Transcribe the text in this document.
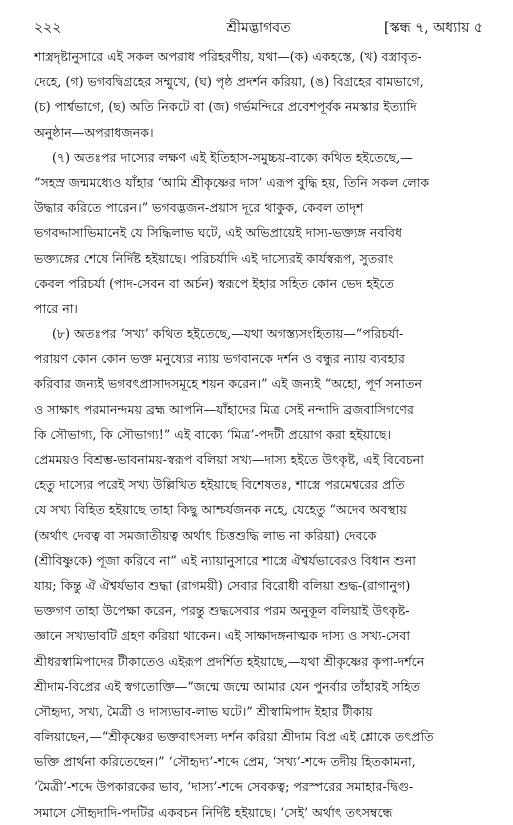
২২২	শ্রীমদ্ভাগবত	[স্কন্ধ ৭, অধ্যায় ৫
শাস্ত্রদৃষ্টানুসারে এই সকল অপরাধ পরিহরণীয়, যথা—(ক) একহস্তে, (খ) বস্ত্রাবৃত-
দেহে, (গ) ভগবদ্বিগ্রহের সম্মুখে, (ঘ) পৃষ্ঠ প্রদর্শন করিয়া, (ঙ) বিগ্রহের বামভাগে,
(চ) পার্শ্বভাগে, (ছ) অতি নিকটে বা (জ) গর্ভমন্দিরে প্রবেশপূর্বক নমস্কার ইত্যাদি
অনুষ্ঠান—অপরাধজনক।
(৭) অতঃপর দাস্যের লক্ষণ এই ইতিহাস-সমুচ্চয়-বাক্যে কথিত হইতেছে,—
“সহস্র জন্মমধ্যেও যাঁহার ‘আমি শ্রীকৃষ্ণের দাস’ এরূপ বুদ্ধি হয়, তিনি সকল লোক
উদ্ধার করিতে পারেন।” ভগবদ্ভজন-প্রয়াস দূরে থাকুক, কেবল তাদৃশ
ভগবদ্দাসাভিমানেই যে সিদ্ধিলাভ ঘটে, এই অভিপ্রায়েই দাস্য-ভক্ত্যঙ্গ নববিধ
ভক্ত্যঙ্গের শেষে নির্দিষ্ট হইয়াছে। পরিচর্যাদি এই দাস্যেরই কার্যস্বরূপ, সুতরাং
কেবল পরিচর্যা (পাদ-সেবন বা অর্চন) স্বরূপে ইহার সহিত কোন ভেদ হইতে
পারে না।
(৮) অতঃপর ‘সখ্য’ কথিত হইতেছে,—যথা অগস্ত্যসংহিতায়—“পরিচর্যা-
পরায়ণ কোন কোন ভক্ত মনুষ্যের ন্যায় ভগবানকে দর্শন ও বন্ধুর ন্যায় ব্যবহার
করিবার জন্যই ভগবৎপ্রাসাদসমূহে শয়ন করেন।” এই জন্যই “অহো, পূর্ণ সনাতন
ও সাক্ষাৎ পরমানন্দময় ব্রহ্ম আপনি—যাঁহাদের মিত্র সেই নন্দাদি ব্রজবাসিগণের
কি সৌভাগ্য, কি সৌভাগ্য!” এই বাক্যে ‘মিত্র’-পদটী প্রয়োগ করা হইয়াছে।
প্রেমময়ও বিশ্রম্ভ-ভাবনাময়-স্বরূপ বলিয়া সখ্য—দাস্য হইতে উৎকৃষ্ট, এই বিবেচনা
হেতু দাস্যের পরেই সখ্য উল্লিখিত হইয়াছে বিশেষতঃ, শাস্ত্রে পরমেশ্বরের প্রতি
যে সখ্য বিহিত হইয়াছে তাহা কিছু আশ্চর্যজনক নহে, যেহেতু “অদেব অবস্থায়
(অর্থাৎ দেবত্ব বা সমজাতীয়ত্ব অর্থাৎ চিত্তশুদ্ধি লাভ না করিয়া) দেবকে
(শ্রীবিষ্ণুকে) পূজা করিবে না” এই ন্যায়ানুসারে শাস্ত্রে ঐশ্বর্যভাবেরও বিধান শুনা
যায়; কিন্তু ঐ ঐশ্বর্যভাব শুদ্ধা (রাগময়ী) সেবার বিরোধী বলিয়া শুদ্ধ-(রাগানুগ)
ভক্তগণ তাহা উপেক্ষা করেন, পরন্তু শুদ্ধসেবার পরম অনুকূল বলিয়াই উৎকৃষ্ট-
জ্ঞানে সখ্যভাবটি গ্রহণ করিয়া থাকেন। এই সাক্ষাদঙ্গনাত্মক দাস্য ও সখ্য-সেবা
শ্রীধরস্বামিপাদের টীকাতেও এইরূপ প্রদর্শিত হইয়াছে,—যথা শ্রীকৃষ্ণের কৃপা-দর্শনে
শ্রীদাম-বিপ্রের এই স্বগতোক্তি—“জন্মে জন্মে আমার যেন পুনর্বার তাঁহারই সহিত
সৌহৃদ্য, সখ্য, মৈত্রী ও দাস্যভাব-লাভ ঘটে।” শ্রীস্বামিপাদ ইহার টীকায়
বলিয়াছেন,—“শ্রীকৃষ্ণের ভক্তবাৎসল্য দর্শন করিয়া শ্রীদাম বিপ্র এই শ্লোকে তৎপ্রতি
ভক্তি প্রার্থনা করিতেছেন।” ‘সৌহৃদ্য’-শব্দে প্রেম, ‘সখ্য’-শব্দে তদীয় হিতকামনা,
‘মৈত্রী’-শব্দে উপকারকের ভাব, ‘দাস্য’-শব্দে সেবকত্ব; পরস্পরের সমাহার-দ্বিগু-
সমাসে সৌহৃদাদি-পদটির একবচন নির্দিষ্ট হইয়াছে। ‘সেই’ অর্থাৎ তৎসম্বন্ধে
